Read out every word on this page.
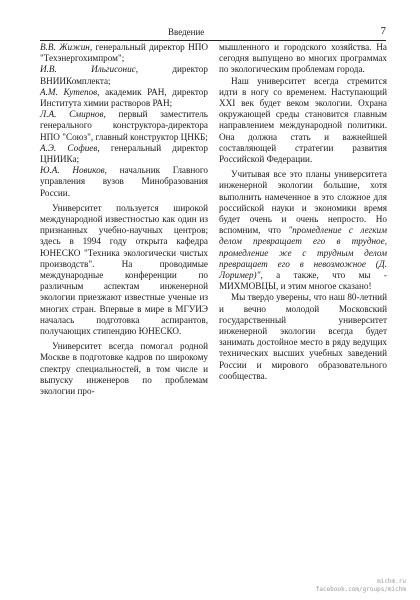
Введение	7

В.В. Жижин, генеральный директор НПО "Техэнергохимпром";

И.В. Ильгисонис, директор ВНИИКомплекта;

А.М. Кутепов, академик РАН, директор Института химии растворов РАН;

Л.А. Смирнов, первый заместитель генерального конструктора-директора НПО "Союз", главный конструктор ЦНКБ;

А.Э. Софиев, генеральный директор ЦНИИКа;

Ю.А. Новиков, начальник Главного управления вузов Минобразования России.

Университет пользуется широкой международной известностью как один из признанных учебно-научных центров; здесь в 1994 году открыта кафедра ЮНЕСКО "Техника экологически чистых производств". На проводимые международные конференции по различным аспектам инженерной экологии приезжают известные ученые из многих стран. Впервые в мире в МГУИЭ началась подготовка аспирантов, получающих стипендию ЮНЕСКО.

Университет всегда помогал родной Москве в подготовке кадров по широкому спектру специальностей, в том числе и выпуску инженеров по проблемам экологии про-

мышленного и городского хозяйства. На сегодня выпущено во многих программах по экологическим проблемам города.

Наш университет всегда стремится идти в ногу со временем. Наступающий XXI век будет веком экологии. Охрана окружающей среды становится главным направлением международной политики. Она должна стать и важнейшей составляющей стратегии развития Российской Федерации.

Учитывая все это планы университета инженерной экологии большие, хотя выполнить намеченное в это сложное для российской науки и экономики время будет очень и очень непросто. Но вспомним, что "промедление с легким делом превращает его в трудное, промедление же с трудным делом превращает его в невозможное (Д. Лоример)", а также, что мы - МИХМОВЦЫ, и этим многое сказано!

Мы твердо уверены, что наш 80-летний и вечно молодой Московский государственный университет инженерной экологии всегда будет занимать достойное место в ряду ведущих технических высших учебных заведений России и мирового образовательного сообщества.

michm.ru
facebook.com/groups/michm
